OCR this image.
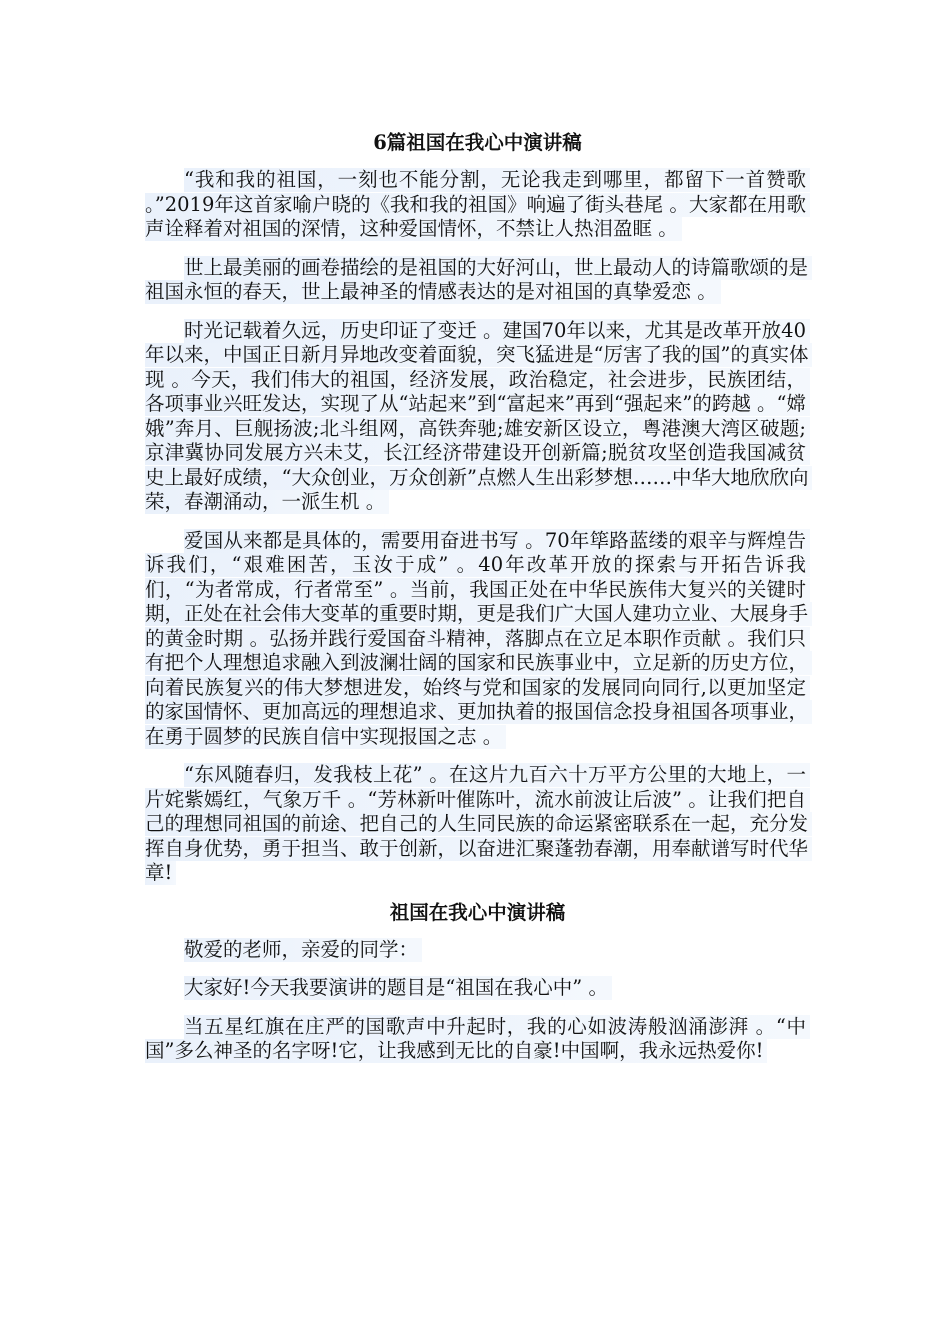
6篇祖国在我心中演讲稿

“我和我的祖国，一刻也不能分割，无论我走到哪里，都留下一首赞歌 。”2019年这首家喻户晓的《我和我的祖国》响遍了街头巷尾 。大家都在用歌声诠释着对祖国的深情，这种爱国情怀，不禁让人热泪盈眶 。

世上最美丽的画卷描绘的是祖国的大好河山，世上最动人的诗篇歌颂的是祖国永恒的春天，世上最神圣的情感表达的是对祖国的真挚爱恋 。

时光记载着久远，历史印证了变迁 。建国70年以来，尤其是改革开放40年以来，中国正日新月异地改变着面貌，突飞猛进是“厉害了我的国”的真实体现 。今天，我们伟大的祖国，经济发展，政治稳定，社会进步，民族团结，各项事业兴旺发达，实现了从“站起来”到“富起来”再到“强起来”的跨越 。“嫦娥”奔月、巨舰扬波;北斗组网，高铁奔驰;雄安新区设立，粤港澳大湾区破题;京津冀协同发展方兴未艾，长江经济带建设开创新篇;脱贫攻坚创造我国减贫史上最好成绩，“大众创业，万众创新”点燃人生出彩梦想……中华大地欣欣向荣，春潮涌动，一派生机 。

爱国从来都是具体的，需要用奋进书写 。70年筚路蓝缕的艰辛与辉煌告诉我们，“艰难困苦，玉汝于成” 。40年改革开放的探索与开拓告诉我们，“为者常成，行者常至” 。当前，我国正处在中华民族伟大复兴的关键时期，正处在社会伟大变革的重要时期，更是我们广大国人建功立业、大展身手的黄金时期 。弘扬并践行爱国奋斗精神，落脚点在立足本职作贡献 。我们只有把个人理想追求融入到波澜壮阔的国家和民族事业中，立足新的历史方位，向着民族复兴的伟大梦想进发，始终与党和国家的发展同向同行,以更加坚定的家国情怀、更加高远的理想追求、更加执着的报国信念投身祖国各项事业，在勇于圆梦的民族自信中实现报国之志 。

“东风随春归，发我枝上花” 。在这片九百六十万平方公里的大地上，一片姹紫嫣红，气象万千 。“芳林新叶催陈叶，流水前波让后波” 。让我们把自己的理想同祖国的前途、把自己的人生同民族的命运紧密联系在一起，充分发挥自身优势，勇于担当、敢于创新，以奋进汇聚蓬勃春潮，用奉献谱写时代华章!

祖国在我心中演讲稿

敬爱的老师，亲爱的同学：

大家好!今天我要演讲的题目是“祖国在我心中” 。

当五星红旗在庄严的国歌声中升起时，我的心如波涛般汹涌澎湃 。“中国”多么神圣的名字呀!它，让我感到无比的自豪!中国啊，我永远热爱你!
